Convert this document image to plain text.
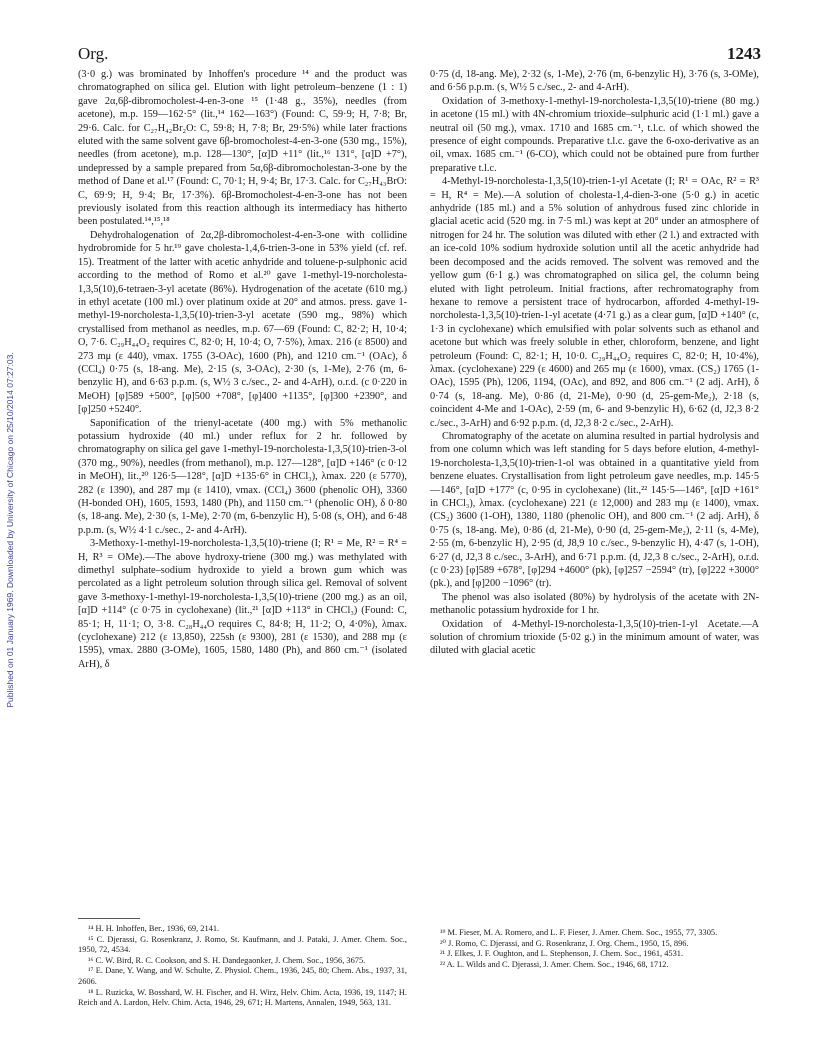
Published on 01 January 1969. Downloaded by University of Chicago on 25/10/2014 07:27:03.
Org.	1243

(3·0 g.) was brominated by Inhoffen's procedure ¹⁴ and the product was chromatographed on silica gel. Elution with light petroleum–benzene (1 : 1) gave 2α,6β-dibromocholest-4-en-3-one ¹⁵ (1·48 g., 35%), needles (from acetone), m.p. 159—162·5° (lit.,¹⁴ 162—163°) (Found: C, 59·9; H, 7·8; Br, 29·6. Calc. for C₂₇H₄₂Br₂O: C, 59·8; H, 7·8; Br, 29·5%) while later fractions eluted with the same solvent gave 6β-bromocholest-4-en-3-one (530 mg., 15%), needles (from acetone), m.p. 128—130°, [α]D +11° (lit.,¹⁶ 131°, [α]D +7°), undepressed by a sample prepared from 5α,6β-dibromocholestan-3-one by the method of Dane et al.¹⁷ (Found: C, 70·1; H, 9·4; Br, 17·3. Calc. for C₂₇H₄₃BrO: C, 69·9; H, 9·4; Br, 17·3%). 6β-Bromocholest-4-en-3-one has not been previously isolated from this reaction although its intermediacy has hitherto been postulated.¹⁴,¹⁵,¹⁸

Dehydrohalogenation of 2α,2β-dibromocholest-4-en-3-one with collidine hydrobromide for 5 hr.¹⁹ gave cholesta-1,4,6-trien-3-one in 53% yield (cf. ref. 15). Treatment of the latter with acetic anhydride and toluene-p-sulphonic acid according to the method of Romo et al.²⁰ gave 1-methyl-19-norcholesta-1,3,5(10),6-tetraen-3-yl acetate (86%). Hydrogenation of the acetate (610 mg.) in ethyl acetate (100 ml.) over platinum oxide at 20° and atmos. press. gave 1-methyl-19-norcholesta-1,3,5(10)-trien-3-yl acetate (590 mg., 98%) which crystallised from methanol as needles, m.p. 67—69 (Found: C, 82·2; H, 10·4; O, 7·6. C₂₉H₄₄O₂ requires C, 82·0; H, 10·4; O, 7·5%), λmax. 216 (ε 8500) and 273 mμ (ε 440), νmax. 1755 (3-OAc), 1600 (Ph), and 1210 cm.⁻¹ (OAc), δ (CCl₄) 0·75 (s, 18-ang. Me), 2·15 (s, 3-OAc), 2·30 (s, 1-Me), 2·76 (m, 6-benzylic H), and 6·63 p.p.m. (s, W½ 3 c./sec., 2- and 4-ArH), o.r.d. (c 0·220 in MeOH) [φ]589 +500°, [φ]500 +708°, [φ]400 +1135°, [φ]300 +2390°, and [φ]250 +5240°.

Saponification of the trienyl-acetate (400 mg.) with 5% methanolic potassium hydroxide (40 ml.) under reflux for 2 hr. followed by chromatography on silica gel gave 1-methyl-19-norcholesta-1,3,5(10)-trien-3-ol (370 mg., 90%), needles (from methanol), m.p. 127—128°, [α]D +146° (c 0·12 in MeOH), lit.,²⁰ 126·5—128°, [α]D +135·6° in CHCl₃), λmax. 220 (ε 5770), 282 (ε 1390), and 287 mμ (ε 1410), νmax. (CCl₄) 3600 (phenolic OH), 3360 (H-bonded OH), 1605, 1593, 1480 (Ph), and 1150 cm.⁻¹ (phenolic OH), δ 0·80 (s, 18-ang. Me), 2·30 (s, 1-Me), 2·70 (m, 6-benzylic H), 5·08 (s, OH), and 6·48 p.p.m. (s, W½ 4·1 c./sec., 2- and 4-ArH).

3-Methoxy-1-methyl-19-norcholesta-1,3,5(10)-triene (I; R¹ = Me, R² = R⁴ = H, R³ = OMe).—The above hydroxy-triene (300 mg.) was methylated with dimethyl sulphate–sodium hydroxide to yield a brown gum which was percolated as a light petroleum solution through silica gel. Removal of solvent gave 3-methoxy-1-methyl-19-norcholesta-1,3,5(10)-triene (200 mg.) as an oil, [α]D +114° (c 0·75 in cyclohexane) (lit.,²¹ [α]D +113° in CHCl₃) (Found: C, 85·1; H, 11·1; O, 3·8. C₂₈H₄₄O requires C, 84·8; H, 11·2; O, 4·0%), λmax. (cyclohexane) 212 (ε 13,850), 225sh (ε 9300), 281 (ε 1530), and 288 mμ (ε 1595), νmax. 2880 (3-OMe), 1605, 1580, 1480 (Ph), and 860 cm.⁻¹ (isolated ArH), δ

0·75 (d, 18-ang. Me), 2·32 (s, 1-Me), 2·76 (m, 6-benzylic H), 3·76 (s, 3-OMe), and 6·56 p.p.m. (s, W½ 5 c./sec., 2- and 4-ArH).

Oxidation of 3-methoxy-1-methyl-19-norcholesta-1,3,5(10)-triene (80 mg.) in acetone (15 ml.) with 4N-chromium trioxide–sulphuric acid (1·1 ml.) gave a neutral oil (50 mg.), νmax. 1710 and 1685 cm.⁻¹, t.l.c. of which showed the presence of eight compounds. Preparative t.l.c. gave the 6-oxo-derivative as an oil, νmax. 1685 cm.⁻¹ (6-CO), which could not be obtained pure from further preparative t.l.c.

4-Methyl-19-norcholesta-1,3,5(10)-trien-1-yl Acetate (I; R¹ = OAc, R² = R³ = H, R⁴ = Me).—A solution of cholesta-1,4-dien-3-one (5·0 g.) in acetic anhydride (185 ml.) and a 5% solution of anhydrous fused zinc chloride in glacial acetic acid (520 mg. in 7·5 ml.) was kept at 20° under an atmosphere of nitrogen for 24 hr. The solution was diluted with ether (2 l.) and extracted with an ice-cold 10% sodium hydroxide solution until all the acetic anhydride had been decomposed and the acids removed. The solvent was removed and the yellow gum (6·1 g.) was chromatographed on silica gel, the column being eluted with light petroleum. Initial fractions, after rechromatography from hexane to remove a persistent trace of hydrocarbon, afforded 4-methyl-19-norcholesta-1,3,5(10)-trien-1-yl acetate (4·71 g.) as a clear gum, [α]D +140° (c, 1·3 in cyclohexane) which emulsified with polar solvents such as ethanol and acetone but which was freely soluble in ether, chloroform, benzene, and light petroleum (Found: C, 82·1; H, 10·0. C₂₉H₄₄O₂ requires C, 82·0; H, 10·4%), λmax. (cyclohexane) 229 (ε 4600) and 265 mμ (ε 1600), νmax. (CS₂) 1765 (1-OAc), 1595 (Ph), 1206, 1194, (OAc), and 892, and 806 cm.⁻¹ (2 adj. ArH), δ 0·74 (s, 18-ang. Me), 0·86 (d, 21-Me), 0·90 (d, 25-gem-Me₂), 2·18 (s, coincident 4-Me and 1-OAc), 2·59 (m, 6- and 9-benzylic H), 6·62 (d, J2,3 8·2 c./sec., 3-ArH) and 6·92 p.p.m. (d, J2,3 8·2 c./sec., 2-ArH).

Chromatography of the acetate on alumina resulted in partial hydrolysis and from one column which was left standing for 5 days before elution, 4-methyl-19-norcholesta-1,3,5(10)-trien-1-ol was obtained in a quantitative yield from benzene eluates. Crystallisation from light petroleum gave needles, m.p. 145·5—146°, [α]D +177° (c, 0·95 in cyclohexane) (lit.,²² 145·5—146°, [α]D +161° in CHCl₃), λmax. (cyclohexane) 221 (ε 12,000) and 283 mμ (ε 1400), νmax. (CS₂) 3600 (1-OH), 1380, 1180 (phenolic OH), and 800 cm.⁻¹ (2 adj. ArH), δ 0·75 (s, 18-ang. Me), 0·86 (d, 21-Me), 0·90 (d, 25-gem-Me₂), 2·11 (s, 4-Me), 2·55 (m, 6-benzylic H), 2·95 (d, J8,9 10 c./sec., 9-benzylic H), 4·47 (s, 1-OH), 6·27 (d, J2,3 8 c./sec., 3-ArH), and 6·71 p.p.m. (d, J2,3 8 c./sec., 2-ArH), o.r.d. (c 0·23) [φ]589 +678°, [φ]294 +4600° (pk), [φ]257 −2594° (tr), [φ]222 +3000° (pk.), and [φ]200 −1096° (tr).

The phenol was also isolated (80%) by hydrolysis of the acetate with 2N-methanolic potassium hydroxide for 1 hr.

Oxidation of 4-Methyl-19-norcholesta-1,3,5(10)-trien-1-yl Acetate.—A solution of chromium trioxide (5·02 g.) in the minimum amount of water, was diluted with glacial acetic

¹⁴ H. H. Inhoffen, Ber., 1936, 69, 2141.

¹⁵ C. Djerassi, G. Rosenkranz, J. Romo, St. Kaufmann, and J. Pataki, J. Amer. Chem. Soc., 1950, 72, 4534.

¹⁶ C. W. Bird, R. C. Cookson, and S. H. Dandegaonker, J. Chem. Soc., 1956, 3675.

¹⁷ E. Dane, Y. Wang, and W. Schulte, Z. Physiol. Chem., 1936, 245, 80; Chem. Abs., 1937, 31, 2606.

¹⁸ L. Ruzicka, W. Bosshard, W. H. Fischer, and H. Wirz, Helv. Chim. Acta, 1936, 19, 1147; H. Reich and A. Lardon, Helv. Chim. Acta, 1946, 29, 671; H. Martens, Annalen, 1949, 563, 131.

¹⁹ M. Fieser, M. A. Romero, and L. F. Fieser, J. Amer. Chem. Soc., 1955, 77, 3305.

²⁰ J. Romo, C. Djerassi, and G. Rosenkranz, J. Org. Chem., 1950, 15, 896.

²¹ J. Elkes, J. F. Oughton, and L. Stephenson, J. Chem. Soc., 1961, 4531.

²² A. L. Wilds and C. Djerassi, J. Amer. Chem. Soc., 1946, 68, 1712.
